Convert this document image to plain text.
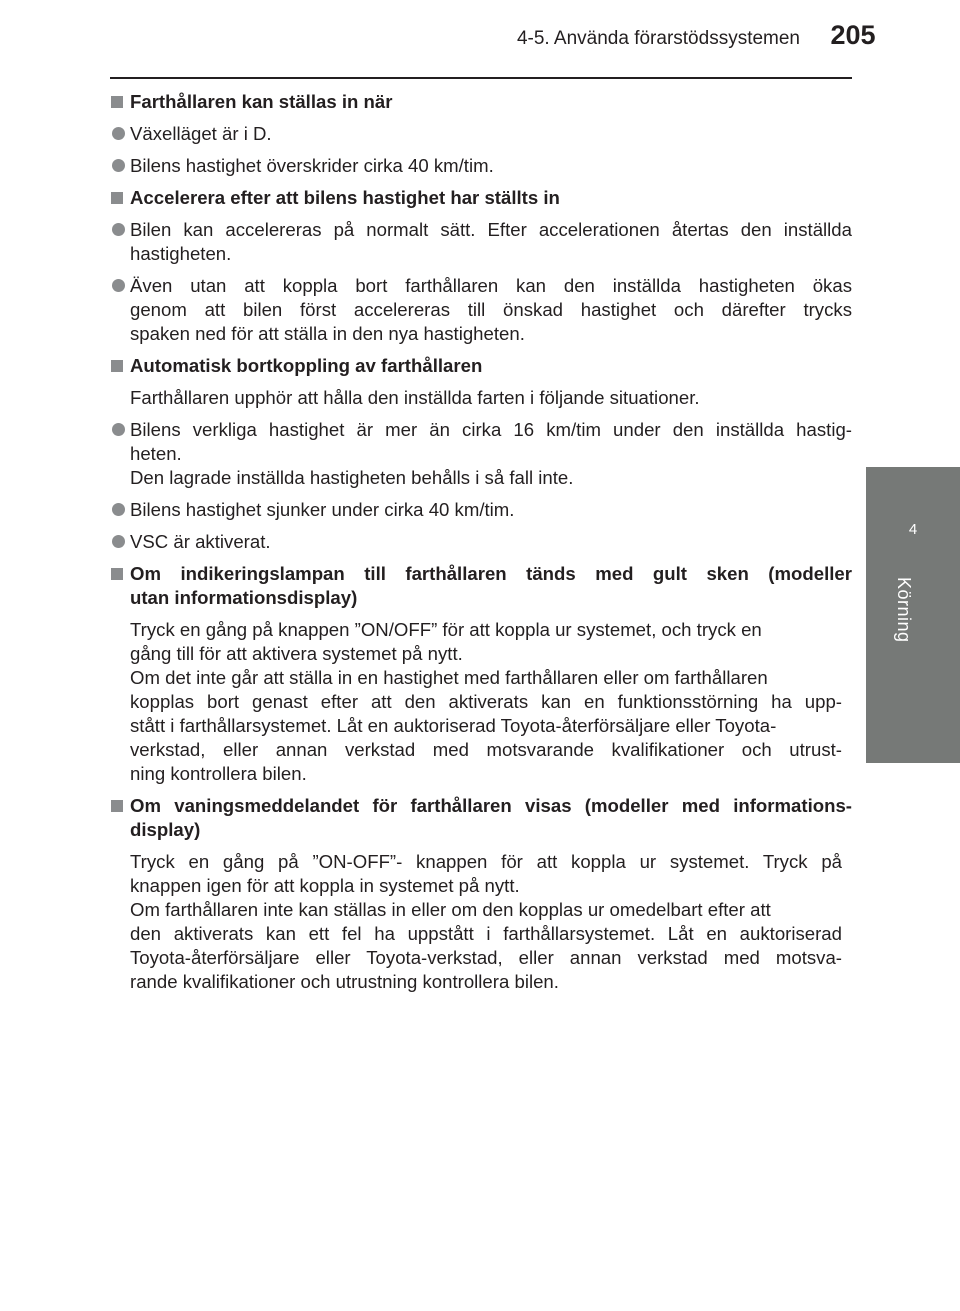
4-5. Använda förarstödssystemen	205
4
Körning
Farthållaren kan ställas in när
Växelläget är i D.
Bilens hastighet överskrider cirka 40 km/tim.
Accelerera efter att bilens hastighet har ställts in
Bilen kan accelereras på normalt sätt. Efter accelerationen återtas den inställda
hastigheten.
Även utan att koppla bort farthållaren kan den inställda hastigheten ökas
genom att bilen först accelereras till önskad hastighet och därefter trycks
spaken ned för att ställa in den nya hastigheten.
Automatisk bortkoppling av farthållaren
Farthållaren upphör att hålla den inställda farten i följande situationer.
Bilens verkliga hastighet är mer än cirka 16 km/tim under den inställda hastig-
heten.
Den lagrade inställda hastigheten behålls i så fall inte.
Bilens hastighet sjunker under cirka 40 km/tim.
VSC är aktiverat.
Om indikeringslampan till farthållaren tänds med gult sken (modeller
utan informationsdisplay)
Tryck en gång på knappen ”ON/OFF” för att koppla ur systemet, och tryck en
gång till för att aktivera systemet på nytt.
Om det inte går att ställa in en hastighet med farthållaren eller om farthållaren
kopplas bort genast efter att den aktiverats kan en funktionsstörning ha upp-
stått i farthållarsystemet. Låt en auktoriserad Toyota-återförsäljare eller Toyota-
verkstad, eller annan verkstad med motsvarande kvalifikationer och utrust-
ning kontrollera bilen.
Om vaningsmeddelandet för farthållaren visas (modeller med informations-
display)
Tryck en gång på ”ON-OFF”- knappen för att koppla ur systemet. Tryck på
knappen igen för att koppla in systemet på nytt.
Om farthållaren inte kan ställas in eller om den kopplas ur omedelbart efter att
den aktiverats kan ett fel ha uppstått i farthållarsystemet. Låt en auktoriserad
Toyota-återförsäljare eller Toyota-verkstad, eller annan verkstad med motsva-
rande kvalifikationer och utrustning kontrollera bilen.
